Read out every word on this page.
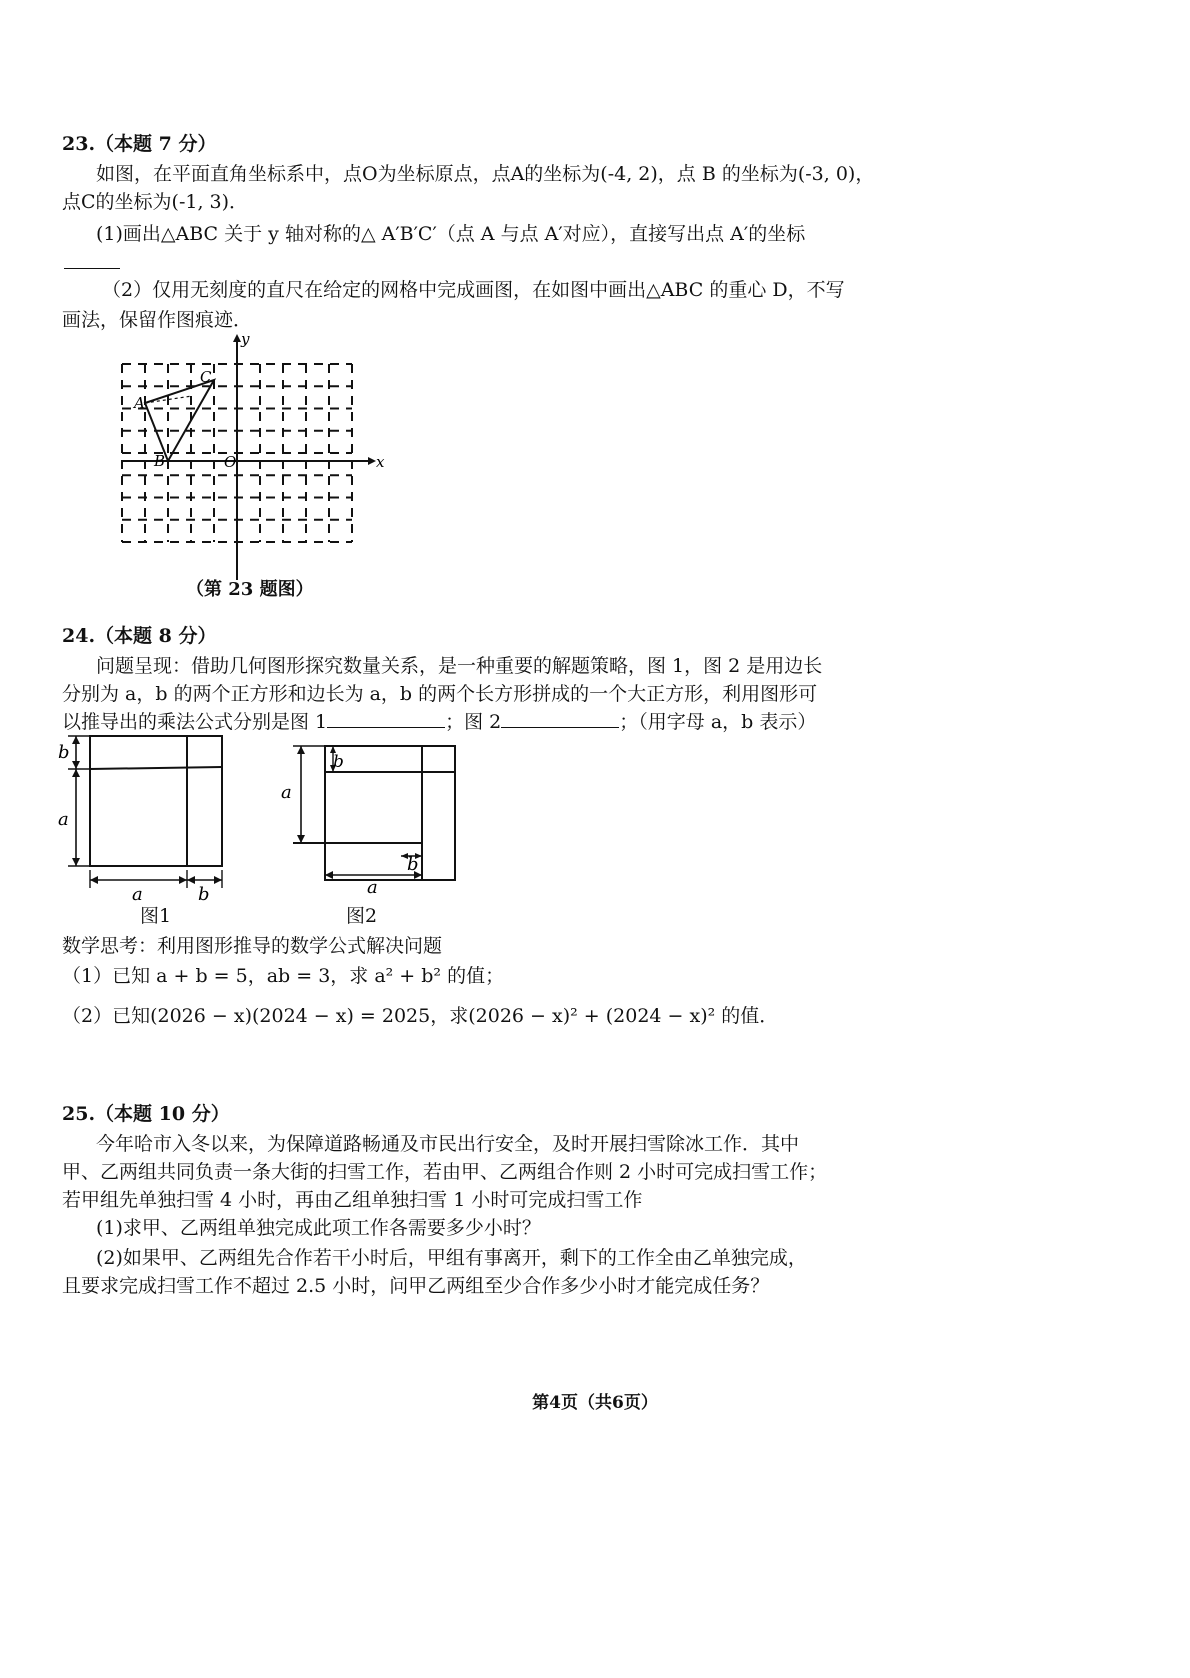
23.（本题 7 分）
如图，在平面直角坐标系中，点O为坐标原点，点A的坐标为(-4, 2)，点 B 的坐标为(-3, 0)，
点C的坐标为(-1, 3)．
(1)画出△ABC 关于 y 轴对称的△ A′B′C′（点 A 与点 A′对应），直接写出点 A′的坐标
（2）仅用无刻度的直尺在给定的网格中完成画图，在如图中画出△ABC 的重心 D，不写
画法，保留作图痕迹．
x
y
O
A
B
C
（第 23 题图）
24.（本题 8 分）
问题呈现：借助几何图形探究数量关系，是一种重要的解题策略，图 1，图 2 是用边长
分别为 a，b 的两个正方形和边长为 a，b 的两个长方形拼成的一个大正方形，利用图形可
以推导出的乘法公式分别是图 1	；图 2	；（用字母 a，b 表示）
b
a
a	b
图1
b
a
b
a
图2
数学思考：利用图形推导的数学公式解决问题
（1）已知 a + b = 5，ab = 3，求 a² + b² 的值；
（2）已知(2026 − x)(2024 − x) = 2025，求(2026 − x)² + (2024 − x)² 的值．
25.（本题 10 分）
今年哈市入冬以来，为保障道路畅通及市民出行安全，及时开展扫雪除冰工作．其中
甲、乙两组共同负责一条大街的扫雪工作，若由甲、乙两组合作则 2 小时可完成扫雪工作；
若甲组先单独扫雪 4 小时，再由乙组单独扫雪 1 小时可完成扫雪工作
(1)求甲、乙两组单独完成此项工作各需要多少小时？
(2)如果甲、乙两组先合作若干小时后，甲组有事离开，剩下的工作全由乙单独完成，
且要求完成扫雪工作不超过 2.5 小时，问甲乙两组至少合作多少小时才能完成任务？
第4页（共6页）
